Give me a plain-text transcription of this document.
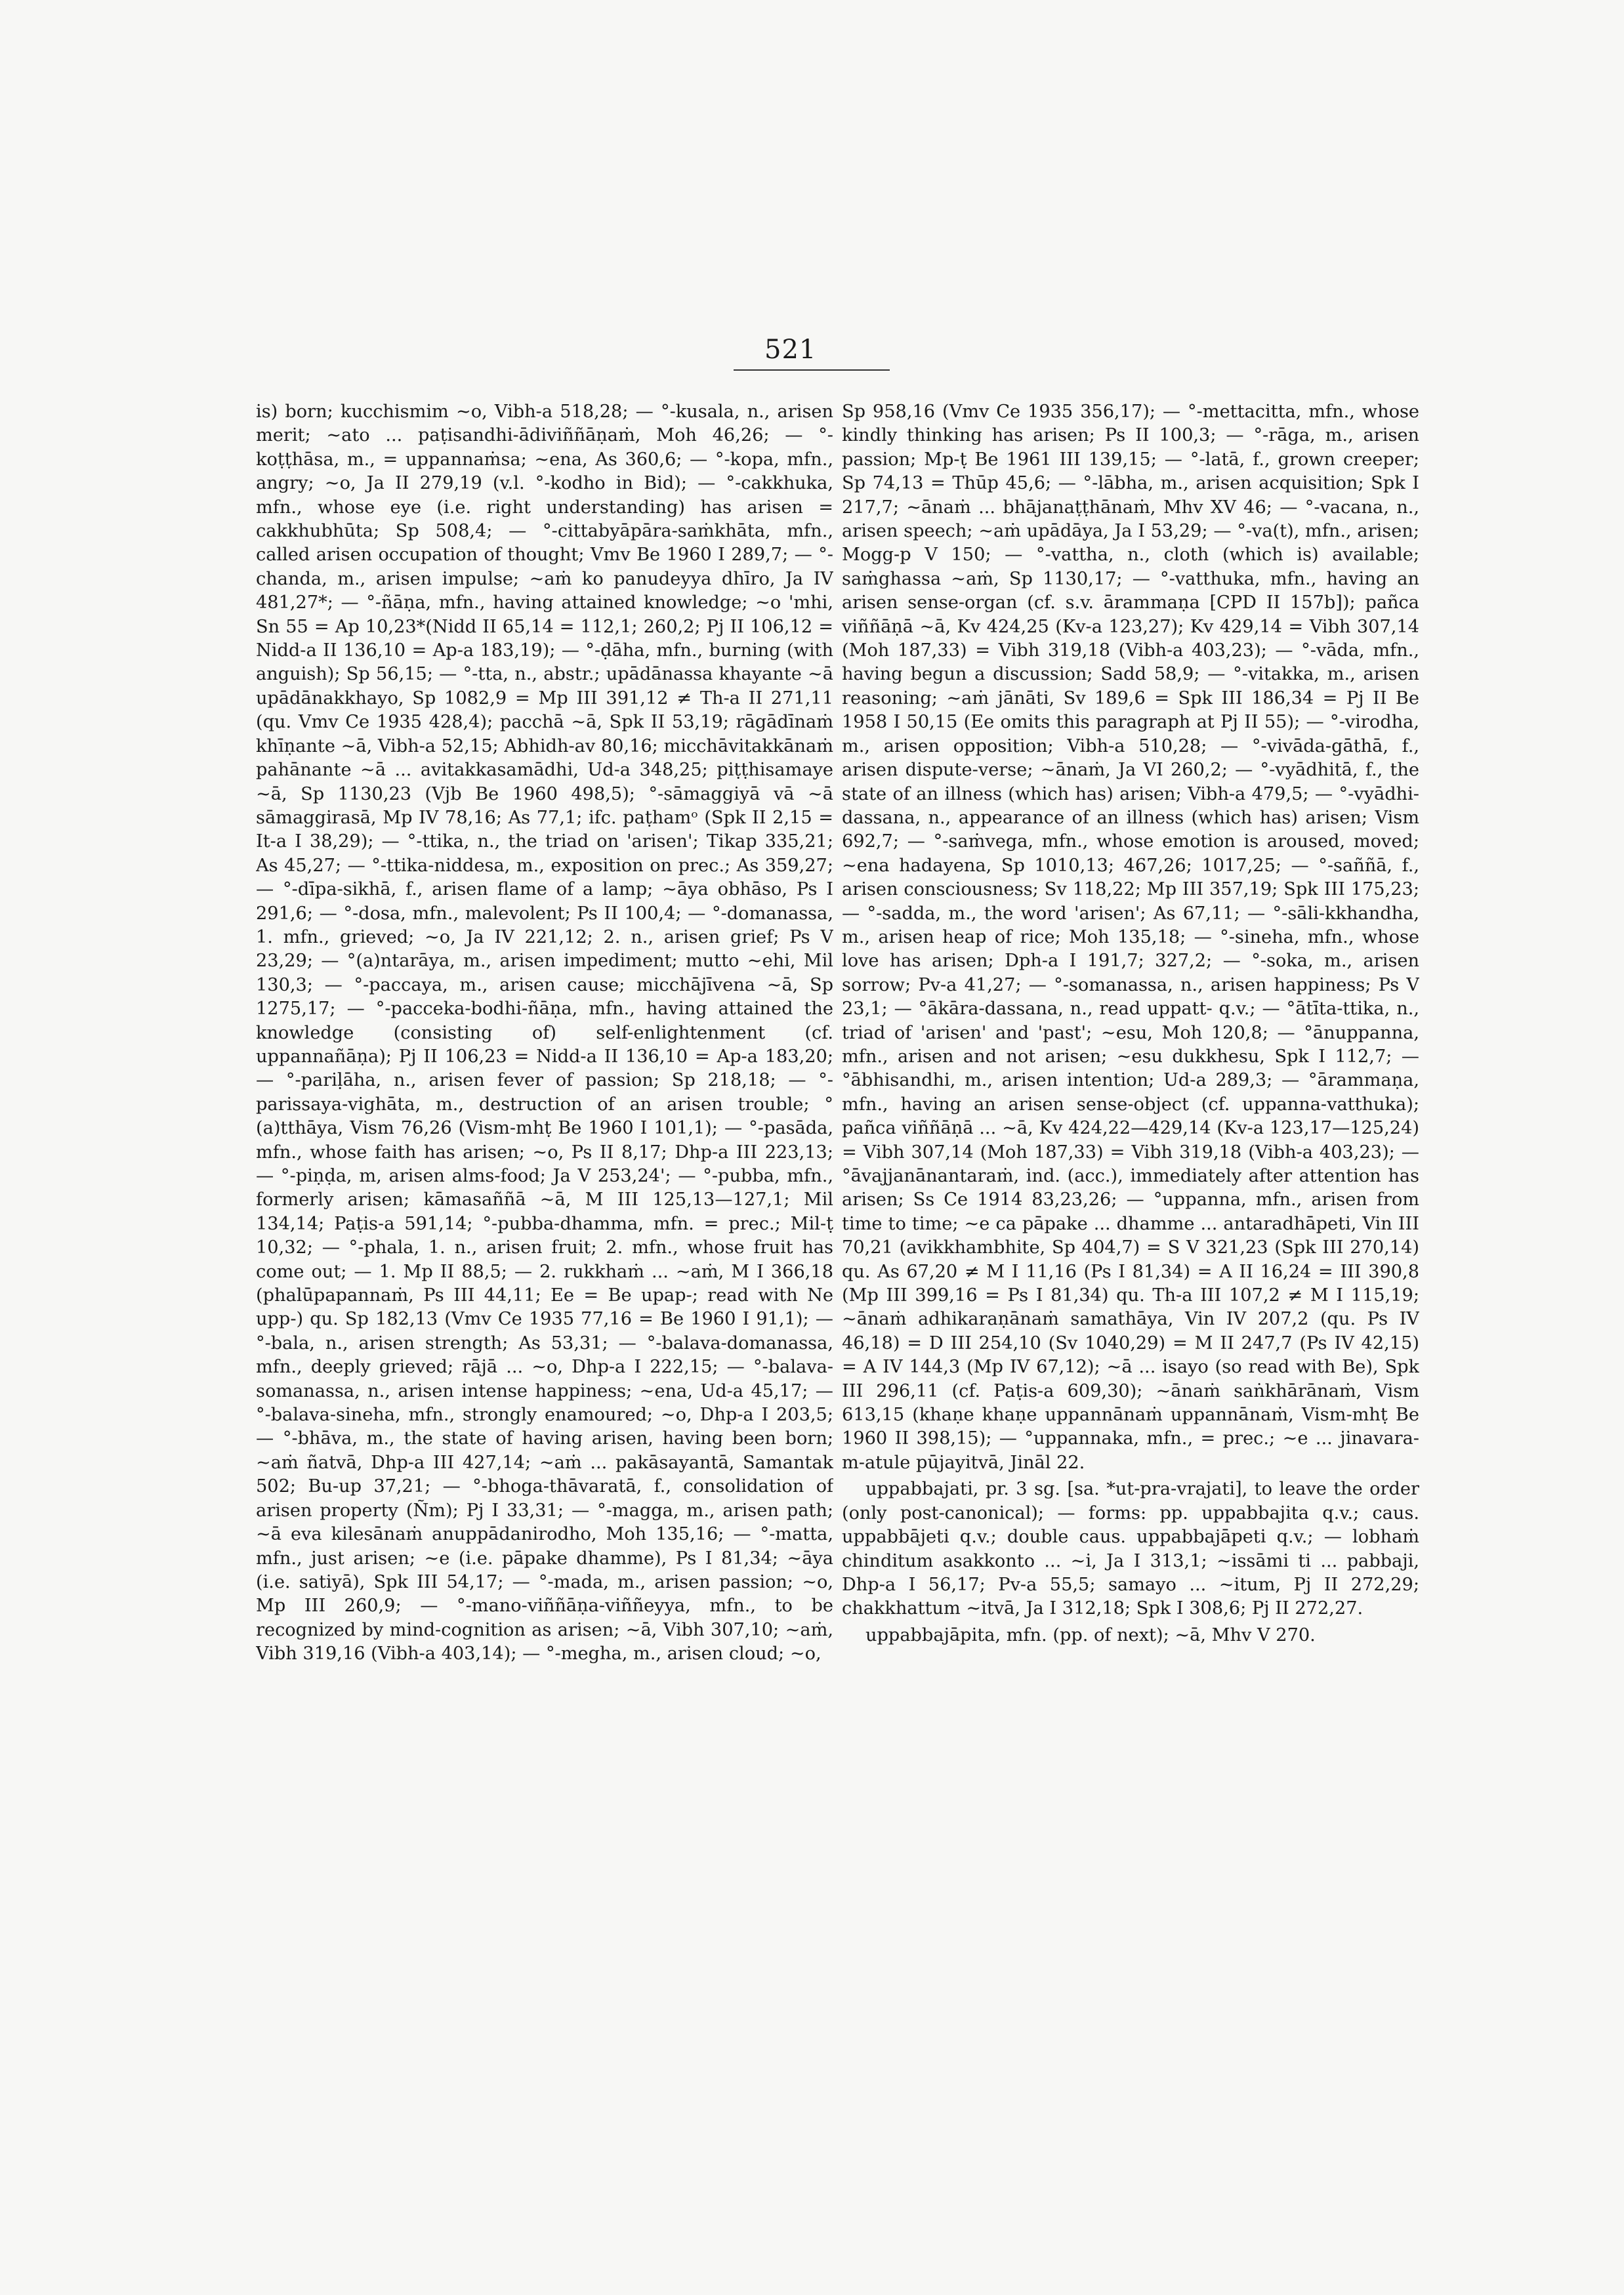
521

is) born; kucchismim ~o, Vibh-a 518,28; — °-kusala, n., arisen merit; ~ato ... paṭisandhi-ādiviññāṇaṁ, Moh 46,26; — °-koṭṭhāsa, m., = uppannaṁsa; ~ena, As 360,6; — °-kopa, mfn., angry; ~o, Ja II 279,19 (v.l. °-kodho in Bid); — °-cakkhuka, mfn., whose eye (i.e. right understanding) has arisen = cakkhubhūta; Sp 508,4; — °-cittabyāpāra-saṁkhāta, mfn., called arisen occupation of thought; Vmv Be 1960 I 289,7; — °-chanda, m., arisen impulse; ~aṁ ko panudeyya dhīro, Ja IV 481,27*; — °-ñāṇa, mfn., having attained knowledge; ~o 'mhi, Sn 55 = Ap 10,23*(Nidd II 65,14 = 112,1; 260,2; Pj II 106,12 = Nidd-a II 136,10 = Ap-a 183,19); — °-ḍāha, mfn., burning (with anguish); Sp 56,15; — °-tta, n., abstr.; upādānassa khayante ~ā upādānakkhayo, Sp 1082,9 = Mp III 391,12 ≠ Th-a II 271,11 (qu. Vmv Ce 1935 428,4); pacchā ~ā, Spk II 53,19; rāgādīnaṁ khīṇante ~ā, Vibh-a 52,15; Abhidh-av 80,16; micchāvitakkānaṁ pahānante ~ā ... avitakkasamādhi, Ud-a 348,25; piṭṭhisamaye ~ā, Sp 1130,23 (Vjb Be 1960 498,5); °-sāmaggiyā vā ~ā sāmaggirasā, Mp IV 78,16; As 77,1; ifc. paṭhamᵒ (Spk II 2,15 = It-a I 38,29); — °-ttika, n., the triad on 'arisen'; Tikap 335,21; As 45,27; — °-ttika-niddesa, m., exposition on prec.; As 359,27; — °-dīpa-sikhā, f., arisen flame of a lamp; ~āya obhāso, Ps I 291,6; — °-dosa, mfn., malevolent; Ps II 100,4; — °-domanassa, 1. mfn., grieved; ~o, Ja IV 221,12; 2. n., arisen grief; Ps V 23,29; — °(a)ntarāya, m., arisen impediment; mutto ~ehi, Mil 130,3; — °-paccaya, m., arisen cause; micchājīvena ~ā, Sp 1275,17; — °-pacceka-bodhi-ñāṇa, mfn., having attained the knowledge (consisting of) self-enlightenment (cf. uppannañāṇa); Pj II 106,23 = Nidd-a II 136,10 = Ap-a 183,20; — °-pariḷāha, n., arisen fever of passion; Sp 218,18; — °-parissaya-vighāta, m., destruction of an arisen trouble; °(a)tthāya, Vism 76,26 (Vism-mhṭ Be 1960 I 101,1); — °-pasāda, mfn., whose faith has arisen; ~o, Ps II 8,17; Dhp-a III 223,13; — °-piṇḍa, m, arisen alms-food; Ja V 253,24'; — °-pubba, mfn., formerly arisen; kāmasaññā ~ā, M III 125,13—127,1; Mil 134,14; Paṭis-a 591,14; °-pubba-dhamma, mfn. = prec.; Mil-ṭ 10,32; — °-phala, 1. n., arisen fruit; 2. mfn., whose fruit has come out; — 1. Mp II 88,5; — 2. rukkhaṁ ... ~aṁ, M I 366,18 (phalūpapannaṁ, Ps III 44,11; Ee = Be upap-; read with Ne upp-) qu. Sp 182,13 (Vmv Ce 1935 77,16 = Be 1960 I 91,1); — °-bala, n., arisen strength; As 53,31; — °-balava-domanassa, mfn., deeply grieved; rājā ... ~o, Dhp-a I 222,15; — °-balava-somanassa, n., arisen intense happiness; ~ena, Ud-a 45,17; — °-balava-sineha, mfn., strongly enamoured; ~o, Dhp-a I 203,5; — °-bhāva, m., the state of having arisen, having been born; ~aṁ ñatvā, Dhp-a III 427,14; ~aṁ ... pakāsayantā, Samantak 502; Bu-up 37,21; — °-bhoga-thāvaratā, f., consolidation of arisen property (Ñm); Pj I 33,31; — °-magga, m., arisen path; ~ā eva kilesānaṁ anuppādanirodho, Moh 135,16; — °-matta, mfn., just arisen; ~e (i.e. pāpake dhamme), Ps I 81,34; ~āya (i.e. satiyā), Spk III 54,17; — °-mada, m., arisen passion; ~o, Mp III 260,9; — °-mano-viññāṇa-viññeyya, mfn., to be recognized by mind-cognition as arisen; ~ā, Vibh 307,10; ~aṁ, Vibh 319,16 (Vibh-a 403,14); — °-megha, m., arisen cloud; ~o,

Sp 958,16 (Vmv Ce 1935 356,17); — °-mettacitta, mfn., whose kindly thinking has arisen; Ps II 100,3; — °-rāga, m., arisen passion; Mp-ṭ Be 1961 III 139,15; — °-latā, f., grown creeper; Sp 74,13 = Thūp 45,6; — °-lābha, m., arisen acquisition; Spk I 217,7; ~ānaṁ ... bhājanaṭṭhānaṁ, Mhv XV 46; — °-vacana, n., arisen speech; ~aṁ upādāya, Ja I 53,29; — °-va(t), mfn., arisen; Mogg-p V 150; — °-vattha, n., cloth (which is) available; saṁghassa ~aṁ, Sp 1130,17; — °-vatthuka, mfn., having an arisen sense-organ (cf. s.v. ārammaṇa [CPD II 157b]); pañca viññāṇā ~ā, Kv 424,25 (Kv-a 123,27); Kv 429,14 = Vibh 307,14 (Moh 187,33) = Vibh 319,18 (Vibh-a 403,23); — °-vāda, mfn., having begun a discussion; Sadd 58,9; — °-vitakka, m., arisen reasoning; ~aṁ jānāti, Sv 189,6 = Spk III 186,34 = Pj II Be 1958 I 50,15 (Ee omits this paragraph at Pj II 55); — °-virodha, m., arisen opposition; Vibh-a 510,28; — °-vivāda-gāthā, f., arisen dispute-verse; ~ānaṁ, Ja VI 260,2; — °-vyādhitā, f., the state of an illness (which has) arisen; Vibh-a 479,5; — °-vyādhi-dassana, n., appearance of an illness (which has) arisen; Vism 692,7; — °-saṁvega, mfn., whose emotion is aroused, moved; ~ena hadayena, Sp 1010,13; 467,26; 1017,25; — °-saññā, f., arisen consciousness; Sv 118,22; Mp III 357,19; Spk III 175,23; — °-sadda, m., the word 'arisen'; As 67,11; — °-sāli-kkhandha, m., arisen heap of rice; Moh 135,18; — °-sineha, mfn., whose love has arisen; Dph-a I 191,7; 327,2; — °-soka, m., arisen sorrow; Pv-a 41,27; — °-somanassa, n., arisen happiness; Ps V 23,1; — °ākāra-dassana, n., read uppatt- q.v.; — °ātīta-ttika, n., triad of 'arisen' and 'past'; ~esu, Moh 120,8; — °ānuppanna, mfn., arisen and not arisen; ~esu dukkhesu, Spk I 112,7; — °ābhisandhi, m., arisen intention; Ud-a 289,3; — °ārammaṇa, mfn., having an arisen sense-object (cf. uppanna-vatthuka); pañca viññāṇā ... ~ā, Kv 424,22—429,14 (Kv-a 123,17—125,24) = Vibh 307,14 (Moh 187,33) = Vibh 319,18 (Vibh-a 403,23); — °āvajjanānantaraṁ, ind. (acc.), immediately after attention has arisen; Ss Ce 1914 83,23,26; — °uppanna, mfn., arisen from time to time; ~e ca pāpake ... dhamme ... antaradhāpeti, Vin III 70,21 (avikkhambhite, Sp 404,7) = S V 321,23 (Spk III 270,14) qu. As 67,20 ≠ M I 11,16 (Ps I 81,34) = A II 16,24 = III 390,8 (Mp III 399,16 = Ps I 81,34) qu. Th-a III 107,2 ≠ M I 115,19; ~ānaṁ adhikaraṇānaṁ samathāya, Vin IV 207,2 (qu. Ps IV 46,18) = D III 254,10 (Sv 1040,29) = M II 247,7 (Ps IV 42,15) = A IV 144,3 (Mp IV 67,12); ~ā ... isayo (so read with Be), Spk III 296,11 (cf. Paṭis-a 609,30); ~ānaṁ saṅkhārānaṁ, Vism 613,15 (khaṇe khaṇe uppannānaṁ uppannānaṁ, Vism-mhṭ Be 1960 II 398,15); — °uppannaka, mfn., = prec.; ~e ... jinavara-m-atule pūjayitvā, Jināl 22.

uppabbajati, pr. 3 sg. [sa. *ut-pra-vrajati], to leave the order (only post-canonical); — forms: pp. uppabbajita q.v.; caus. uppabbājeti q.v.; double caus. uppabbajāpeti q.v.; — lobhaṁ chinditum asakkonto ... ~i, Ja I 313,1; ~issāmi ti ... pabbaji, Dhp-a I 56,17; Pv-a 55,5; samayo ... ~itum, Pj II 272,29; chakkhattum ~itvā, Ja I 312,18; Spk I 308,6; Pj II 272,27.

uppabbajāpita, mfn. (pp. of next); ~ā, Mhv V 270.
